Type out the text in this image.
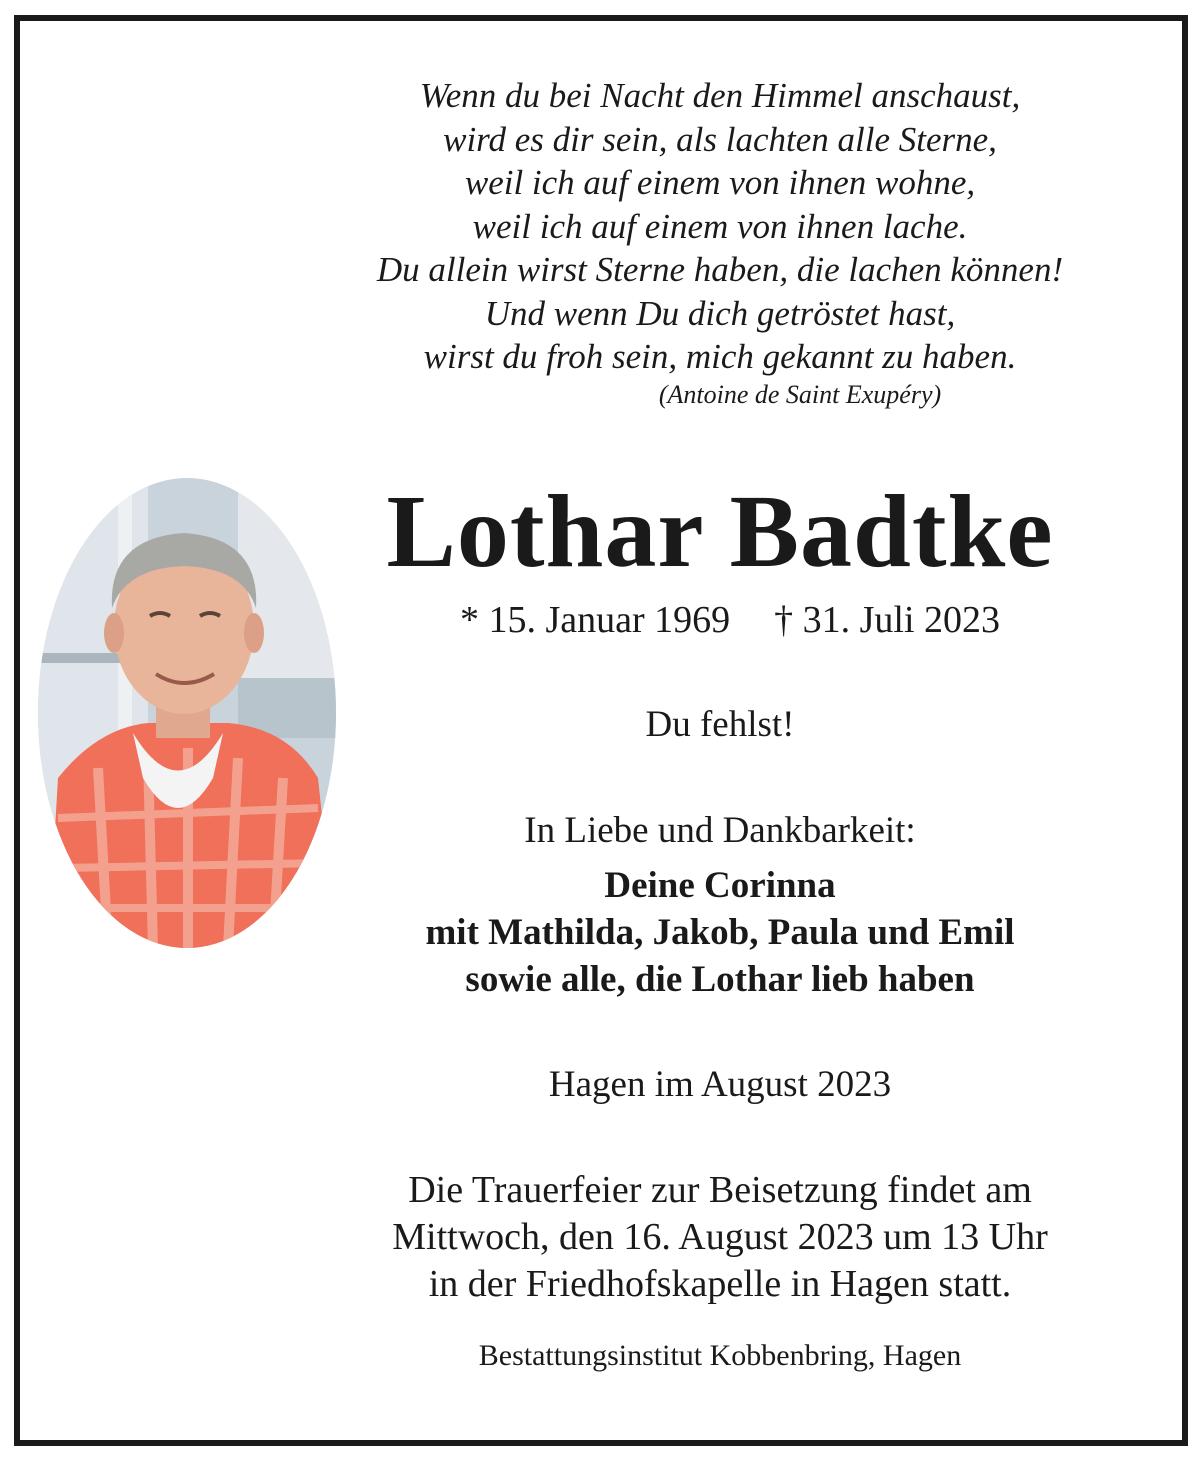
Wenn du bei Nacht den Himmel anschaust,
wird es dir sein, als lachten alle Sterne,
weil ich auf einem von ihnen wohne,
weil ich auf einem von ihnen lache.
Du allein wirst Sterne haben, die lachen können!
Und wenn Du dich getröstet hast,
wirst du froh sein, mich gekannt zu haben.
(Antoine de Saint Exupéry)
Lothar Badtke
* 15. Januar 1969 † 31. Juli 2023
Du fehlst!
In Liebe und Dankbarkeit:
Deine Corinna
mit Mathilda, Jakob, Paula und Emil
sowie alle, die Lothar lieb haben
Hagen im August 2023
Die Trauerfeier zur Beisetzung findet am
Mittwoch, den 16. August 2023 um 13 Uhr
in der Friedhofskapelle in Hagen statt.
Bestattungsinstitut Kobbenbring, Hagen
